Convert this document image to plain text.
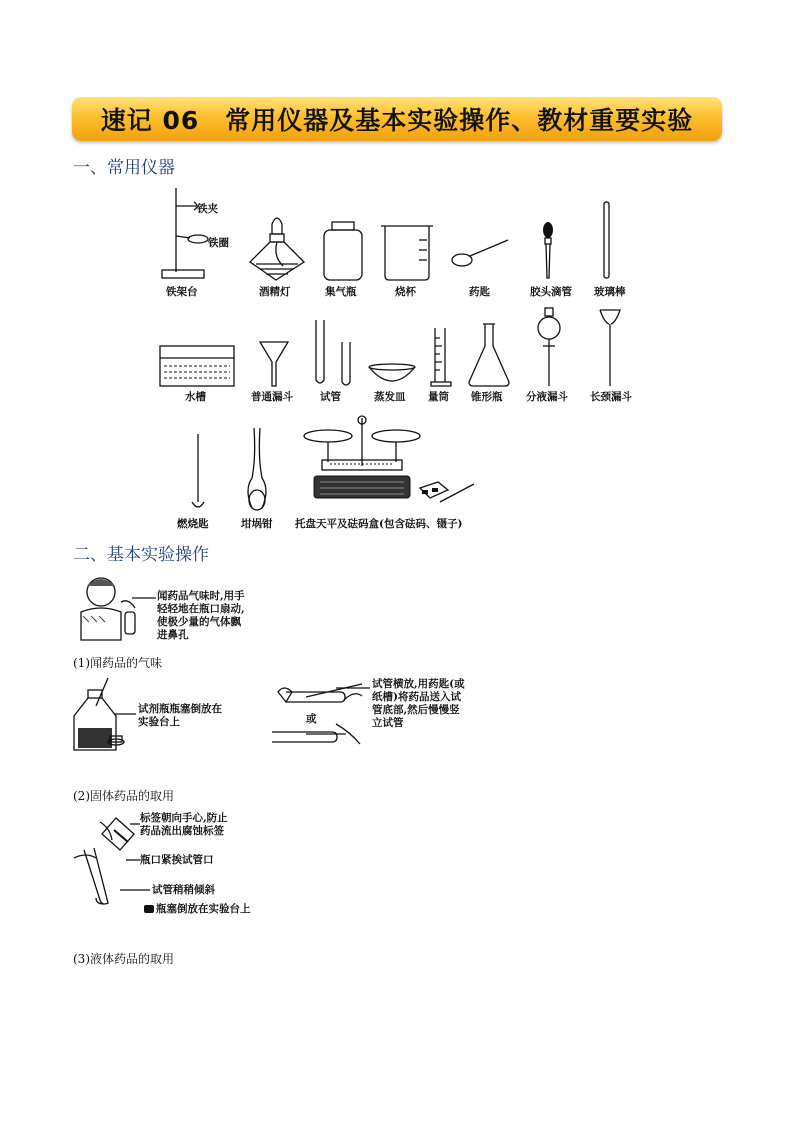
速记 06　常用仪器及基本实验操作、教材重要实验
一、常用仪器
铁夹
铁圈
铁架台	酒精灯	集气瓶	烧杯	药匙	胶头滴管 玻璃棒
水槽	普通漏斗	试管	蒸发皿 量筒 锥形瓶 分液漏斗 长颈漏斗
燃烧匙	坩埚钳 托盘天平及砝码盒(包含砝码、镊子)
二、基本实验操作
闻药品气味时,用手
轻轻地在瓶口扇动,
使极少量的气体飘
进鼻孔
(1)闻药品的气味
试剂瓶瓶塞倒放在
实验台上	或
试管横放,用药匙(或
纸槽)将药品送入试
管底部,然后慢慢竖
立试管
(2)固体药品的取用
标签朝向手心,防止
药品流出腐蚀标签
瓶口紧挨试管口
试管稍稍倾斜
瓶塞倒放在实验台上
(3)液体药品的取用
